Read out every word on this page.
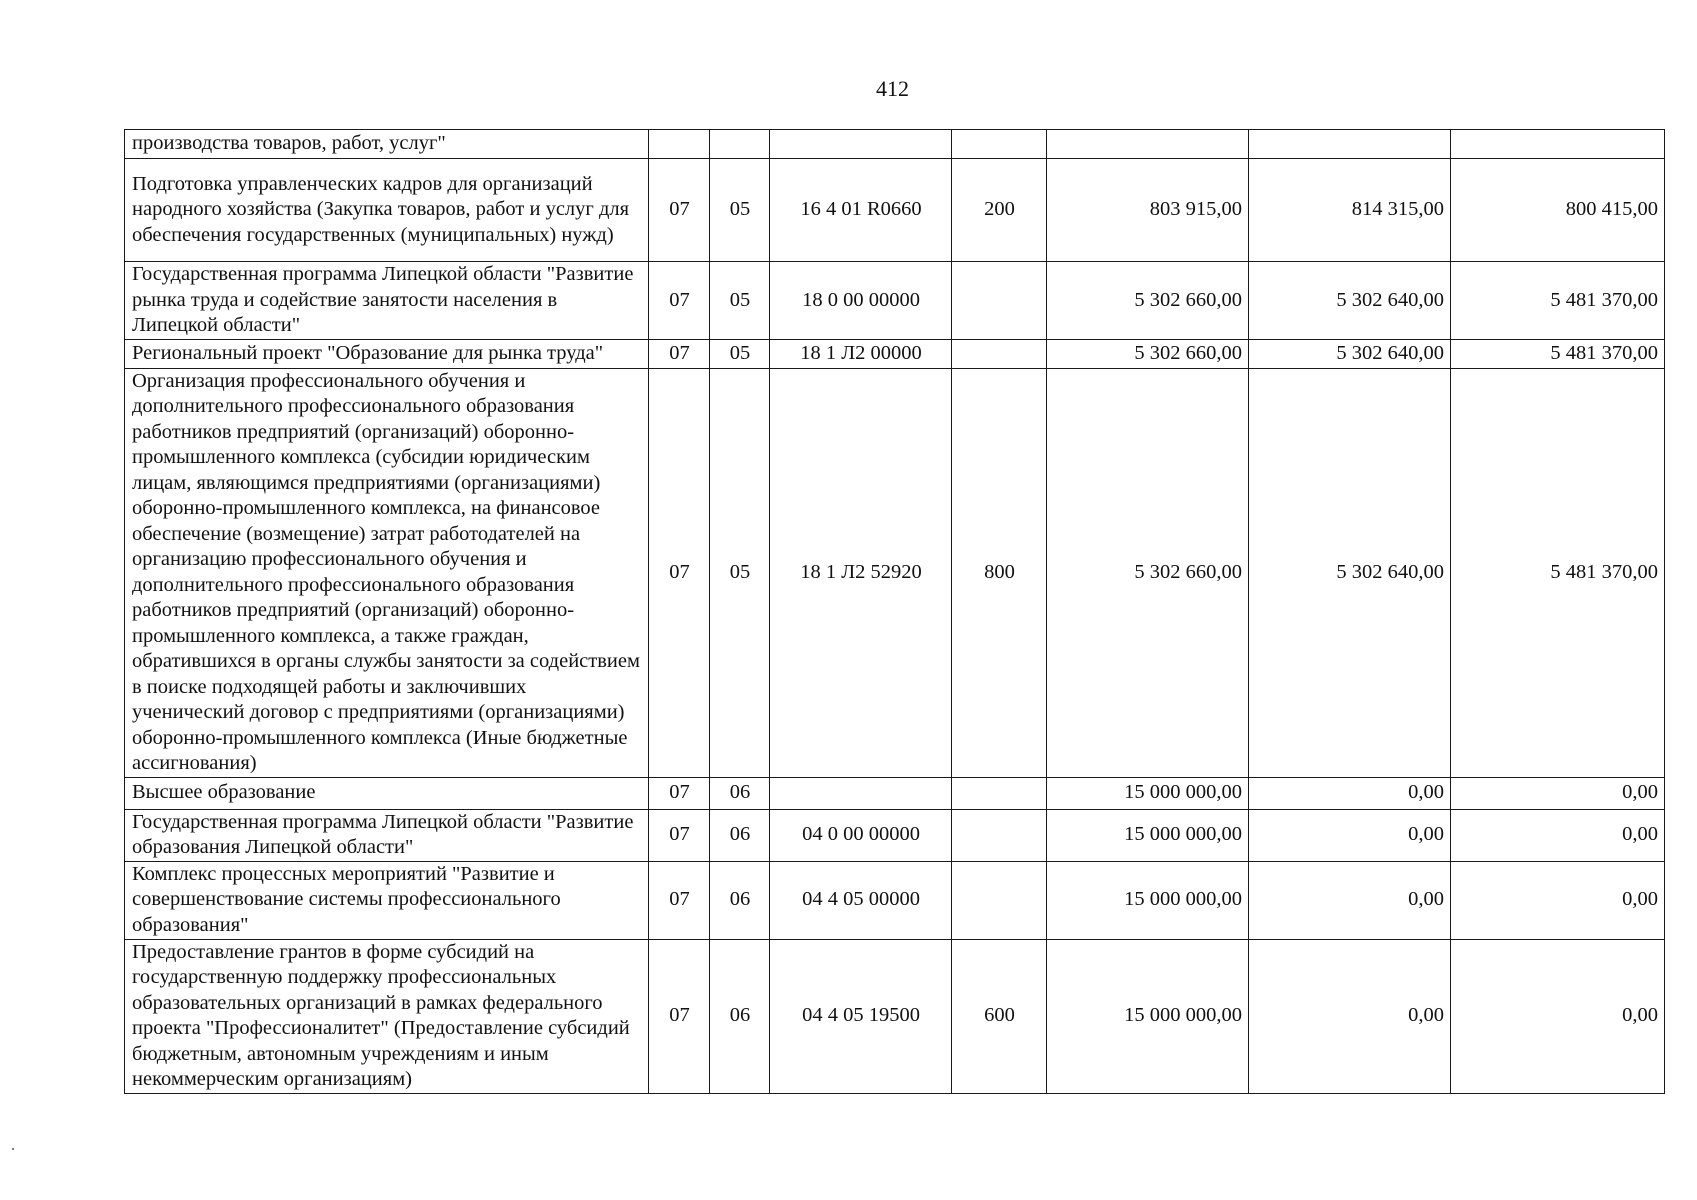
412
производства товаров, работ, услуг"							
Подготовка управленческих кадров для организаций народного хозяйства (Закупка товаров, работ и услуг для обеспечения государственных (муниципальных) нужд)	07	05	16 4 01 R0660	200	803 915,00	814 315,00	800 415,00
Государственная программа Липецкой области "Развитие рынка труда и содействие занятости населения в Липецкой области"	07	05	18 0 00 00000		5 302 660,00	5 302 640,00	5 481 370,00
Региональный проект "Образование для рынка труда"	07	05	18 1 Л2 00000		5 302 660,00	5 302 640,00	5 481 370,00
Организация профессионального обучения и дополнительного профессионального образования работников предприятий (организаций) оборонно-промышленного комплекса (субсидии юридическим лицам, являющимся предприятиями (организациями) оборонно-промышленного комплекса, на финансовое обеспечение (возмещение) затрат работодателей на организацию профессионального обучения и дополнительного профессионального образования работников предприятий (организаций) оборонно-промышленного комплекса, а также граждан, обратившихся в органы службы занятости за содействием в поиске подходящей работы и заключивших ученический договор с предприятиями (организациями) оборонно-промышленного комплекса (Иные бюджетные ассигнования)	07	05	18 1 Л2 52920	800	5 302 660,00	5 302 640,00	5 481 370,00
Высшее образование	07	06			15 000 000,00	0,00	0,00
Государственная программа Липецкой области "Развитие образования Липецкой области"	07	06	04 0 00 00000		15 000 000,00	0,00	0,00
Комплекс процессных мероприятий "Развитие и совершенствование системы профессионального образования"	07	06	04 4 05 00000		15 000 000,00	0,00	0,00
Предоставление грантов в форме субсидий на государственную поддержку профессиональных образовательных организаций в рамках федерального проекта "Профессионалитет" (Предоставление субсидий бюджетным, автономным учреждениям и иным некоммерческим организациям)	07	06	04 4 05 19500	600	15 000 000,00	0,00	0,00
